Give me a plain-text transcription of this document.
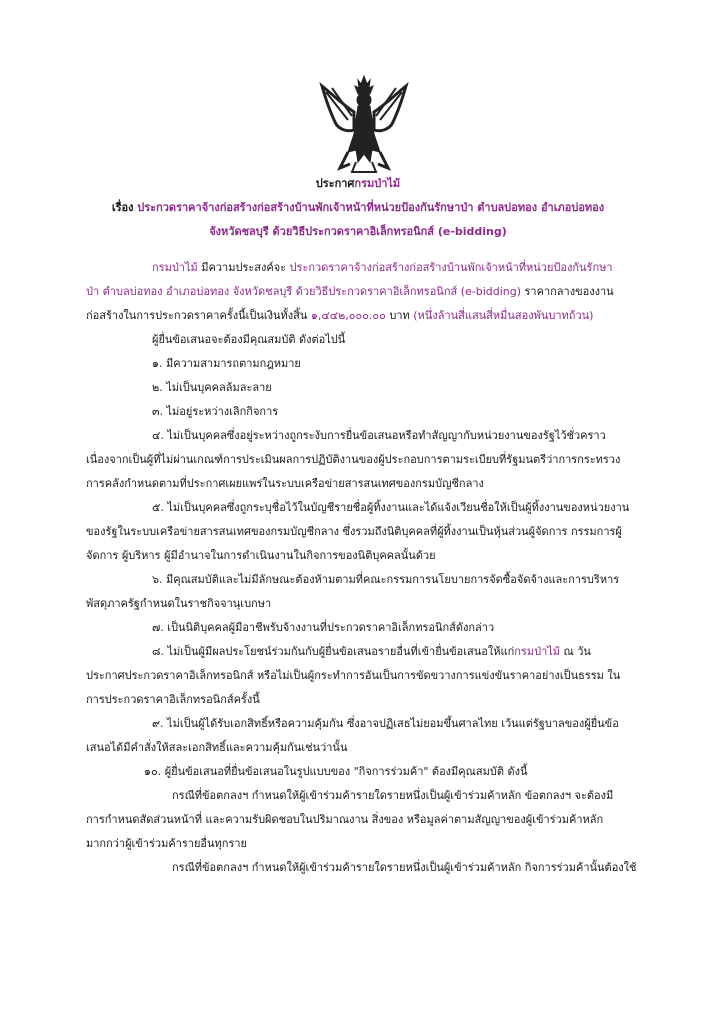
ประกาศกรมป่าไม้
เรื่อง ประกวดราคาจ้างก่อสร้างก่อสร้างบ้านพักเจ้าหน้าที่หน่วยป้องกันรักษาป่า ตำบลบ่อทอง อำเภอบ่อทอง
จังหวัดชลบุรี ด้วยวิธีประกวดราคาอิเล็กทรอนิกส์ (e-bidding)
กรมป่าไม้ มีความประสงค์จะ ประกวดราคาจ้างก่อสร้างก่อสร้างบ้านพักเจ้าหน้าที่หน่วยป้องกันรักษา
ป่า ตำบลบ่อทอง อำเภอบ่อทอง จังหวัดชลบุรี ด้วยวิธีประกวดราคาอิเล็กทรอนิกส์ (e-bidding) ราคากลางของงาน
ก่อสร้างในการประกวดราคาครั้งนี้เป็นเงินทั้งสิ้น ๑,๔๔๒,๐๐๐.๐๐ บาท (หนึ่งล้านสี่แสนสี่หมื่นสองพันบาทถ้วน)
ผู้ยื่นข้อเสนอจะต้องมีคุณสมบัติ ดังต่อไปนี้
๑. มีความสามารถตามกฎหมาย
๒. ไม่เป็นบุคคลล้มละลาย
๓. ไม่อยู่ระหว่างเลิกกิจการ
๔. ไม่เป็นบุคคลซึ่งอยู่ระหว่างถูกระงับการยื่นข้อเสนอหรือทำสัญญากับหน่วยงานของรัฐไว้ชั่วคราว
เนื่องจากเป็นผู้ที่ไม่ผ่านเกณฑ์การประเมินผลการปฏิบัติงานของผู้ประกอบการตามระเบียบที่รัฐมนตรีว่าการกระทรวง
การคลังกำหนดตามที่ประกาศเผยแพร่ในระบบเครือข่ายสารสนเทศของกรมบัญชีกลาง
๕. ไม่เป็นบุคคลซึ่งถูกระบุชื่อไว้ในบัญชีรายชื่อผู้ทิ้งงานและได้แจ้งเวียนชื่อให้เป็นผู้ทิ้งงานของหน่วยงาน
ของรัฐในระบบเครือข่ายสารสนเทศของกรมบัญชีกลาง ซึ่งรวมถึงนิติบุคคลที่ผู้ทิ้งงานเป็นหุ้นส่วนผู้จัดการ กรรมการผู้
จัดการ ผู้บริหาร ผู้มีอำนาจในการดำเนินงานในกิจการของนิติบุคคลนั้นด้วย
๖. มีคุณสมบัติและไม่มีลักษณะต้องห้ามตามที่คณะกรรมการนโยบายการจัดซื้อจัดจ้างและการบริหาร
พัสดุภาครัฐกำหนดในราชกิจจานุเบกษา
๗. เป็นนิติบุคคลผู้มีอาชีพรับจ้างงานที่ประกวดราคาอิเล็กทรอนิกส์ดังกล่าว
๘. ไม่เป็นผู้มีผลประโยชน์ร่วมกันกับผู้ยื่นข้อเสนอรายอื่นที่เข้ายื่นข้อเสนอให้แก่กรมป่าไม้ ณ วัน
ประกาศประกวดราคาอิเล็กทรอนิกส์ หรือไม่เป็นผู้กระทำการอันเป็นการขัดขวางการแข่งขันราคาอย่างเป็นธรรม ใน
การประกวดราคาอิเล็กทรอนิกส์ครั้งนี้
๙. ไม่เป็นผู้ได้รับเอกสิทธิ์หรือความคุ้มกัน ซึ่งอาจปฏิเสธไม่ยอมขึ้นศาลไทย เว้นแต่รัฐบาลของผู้ยื่นข้อ
เสนอได้มีคำสั่งให้สละเอกสิทธิ์และความคุ้มกันเช่นว่านั้น
๑๐. ผู้ยื่นข้อเสนอที่ยื่นข้อเสนอในรูปแบบของ "กิจการร่วมค้า" ต้องมีคุณสมบัติ ดังนี้
กรณีที่ข้อตกลงฯ กำหนดให้ผู้เข้าร่วมค้ารายใดรายหนึ่งเป็นผู้เข้าร่วมค้าหลัก ข้อตกลงฯ จะต้องมี
การกำหนดสัดส่วนหน้าที่ และความรับผิดชอบในปริมาณงาน สิ่งของ หรือมูลค่าตามสัญญาของผู้เข้าร่วมค้าหลัก
มากกว่าผู้เข้าร่วมค้ารายอื่นทุกราย
กรณีที่ข้อตกลงฯ กำหนดให้ผู้เข้าร่วมค้ารายใดรายหนึ่งเป็นผู้เข้าร่วมค้าหลัก กิจการร่วมค้านั้นต้องใช้
